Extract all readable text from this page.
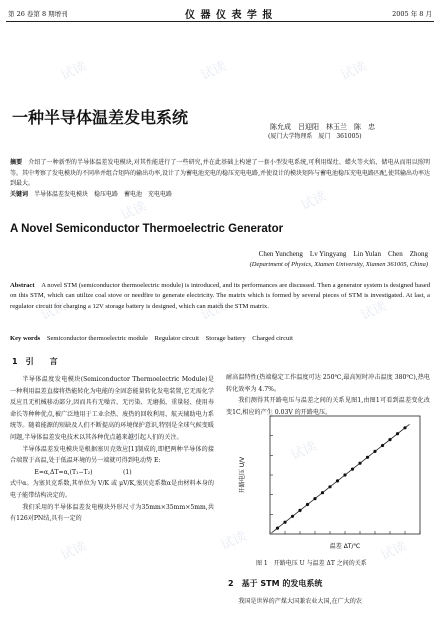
试读	试读	试读
试读	试读
试读	试读	试读
试读	试读
试读	试读	试读
第 26 卷第 8 期增刊	仪 器 仪 表 学 报	2005 年 8 月
一种半导体温差发电系统	陈允成　吕迎阳　林玉兰　陈　忠
(厦门大学物理系　厦门　361005)
摘要　 介绍了一种新型的半导体温差发电模块,对其性能进行了一些研究,并在此基础上构建了一套小型发电系统,可利用煤灶、蜡火等火焰、储电从而用以照明等。其中考察了发电模块的不同串并组合矩阵的输出功率,设计了为蓄电池充电的稳压充电电路,并使设计的模块矩阵与蓄电池稳压充电电路匹配,使其输出功率达到最大。
关键词　 半导体温差发电模块　稳压电路　蓄电池　充电电路
A Novel Semiconductor Thermoelectric Generator
Chen Yuncheng　Lv Yingyang　Lin Yulan　Chen　Zhong
(Department of Physics, Xiamen University, Xiamen 361005, China)
Abstract　 A novel STM (semiconductor thermoelectric module) is introduced, and its performances are discussed. Then a generator system is designed based on this STM, which can utilize coal stove or needfire to generate electricity. The matrix which is formed by several pieces of STM is investigated. At last, a regulator circuit for charging a 12V storage battery is designed, which can match the STM matrix.
Key words　 Semiconductor thermoelectric module　Regulator circuit　Storage battery　Charged circuit
1　引　　言
半导体温度发电模块(Semiconductor Thermoelectric Module)是一种利用温差直接将热能转化为电能的全固态能量转化发电装置,它无需化学反应且无机械移动部分,因而具有无噪音、无污染、无磨损、重量轻、使用寿命长等种种优点,被广泛地用于工业余热、废热的回收利用、航天辅助电力系统等。随着能源的短缺及人们不断提高的环境保护意识,特别是全球气候变暖问题,半导体温差发电技术以其各种优点越来越引起人们的关注。
半导体温差发电模块是根据塞贝克效应[1]制成的,即把两种半导体的接合端置于高温,处于低温环境的另一端就可得到电动势 E:
E=α,ΔT=α,(T₁−T₂)　　　　　(1)
式中α。为塞贝克系数,其单位为 V/K 或 μV/K,塞贝克系数α是由材料本身的电子能带结构决定的。
我们采用的半导体温差发电模块外形尺寸为35mm×35mm×5mm,共有126对PN结,具有一定的
耐高温特性(热端稳定工作温度可达 250℃,最高短时冲击温度 380℃),热电转化效率为 4.7%。
我们测得其开路电压与温差之间的关系见图1,由图1可看到温差变化改变1C,相应的产生 0.03V 的开路电压。
开路电压 U/V
温差 ΔT/℃
图 1　开路电压 U 与温差 ΔT 之间的关系
2　基于 STM 的发电系统
我国是世界的产煤大国兼农业大国,在广大的农
